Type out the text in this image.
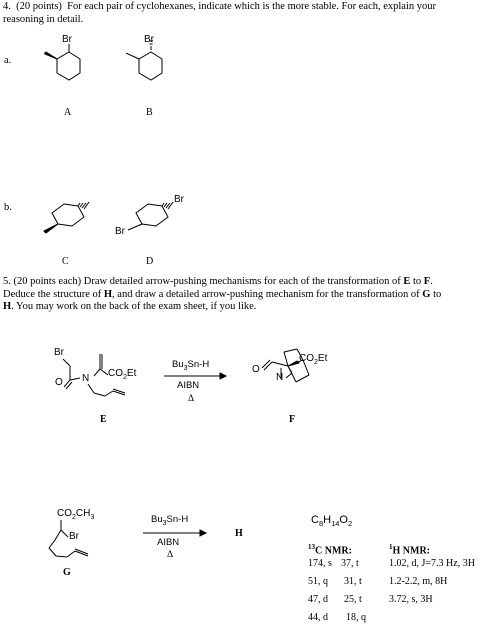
4. (20 points) For each pair of cyclohexanes, indicate which is the more stable. For each, explain your
reasoning in detail.
a.
b.
Br
A
Br
B
C
Br
Br
D
5. (20 points each) Draw detailed arrow-pushing mechanisms for each of the transformation of E to F.
Deduce the structure of H, and draw a detailed arrow-pushing mechanism for the transformation of G to
H. You may work on the back of the exam sheet, if you like.
Br
O N $CO_2Et$
E
$Bu_3Sn-H$
AIBN
Δ
O
N
$CO_2Et$
F
$CO_2CH_3$
Br
G
$Bu_3Sn-H$
AIBN
Δ
H
$C_8H_{14}O_2$
$^{13}$C NMR:
174, s 37, t
51, q 31, t
47, d 25, t
44, d 18, q
$^1$H NMR:
1.02, d, J=7.3 Hz, 3H
1.2-2.2, m, 8H
3.72, s, 3H
